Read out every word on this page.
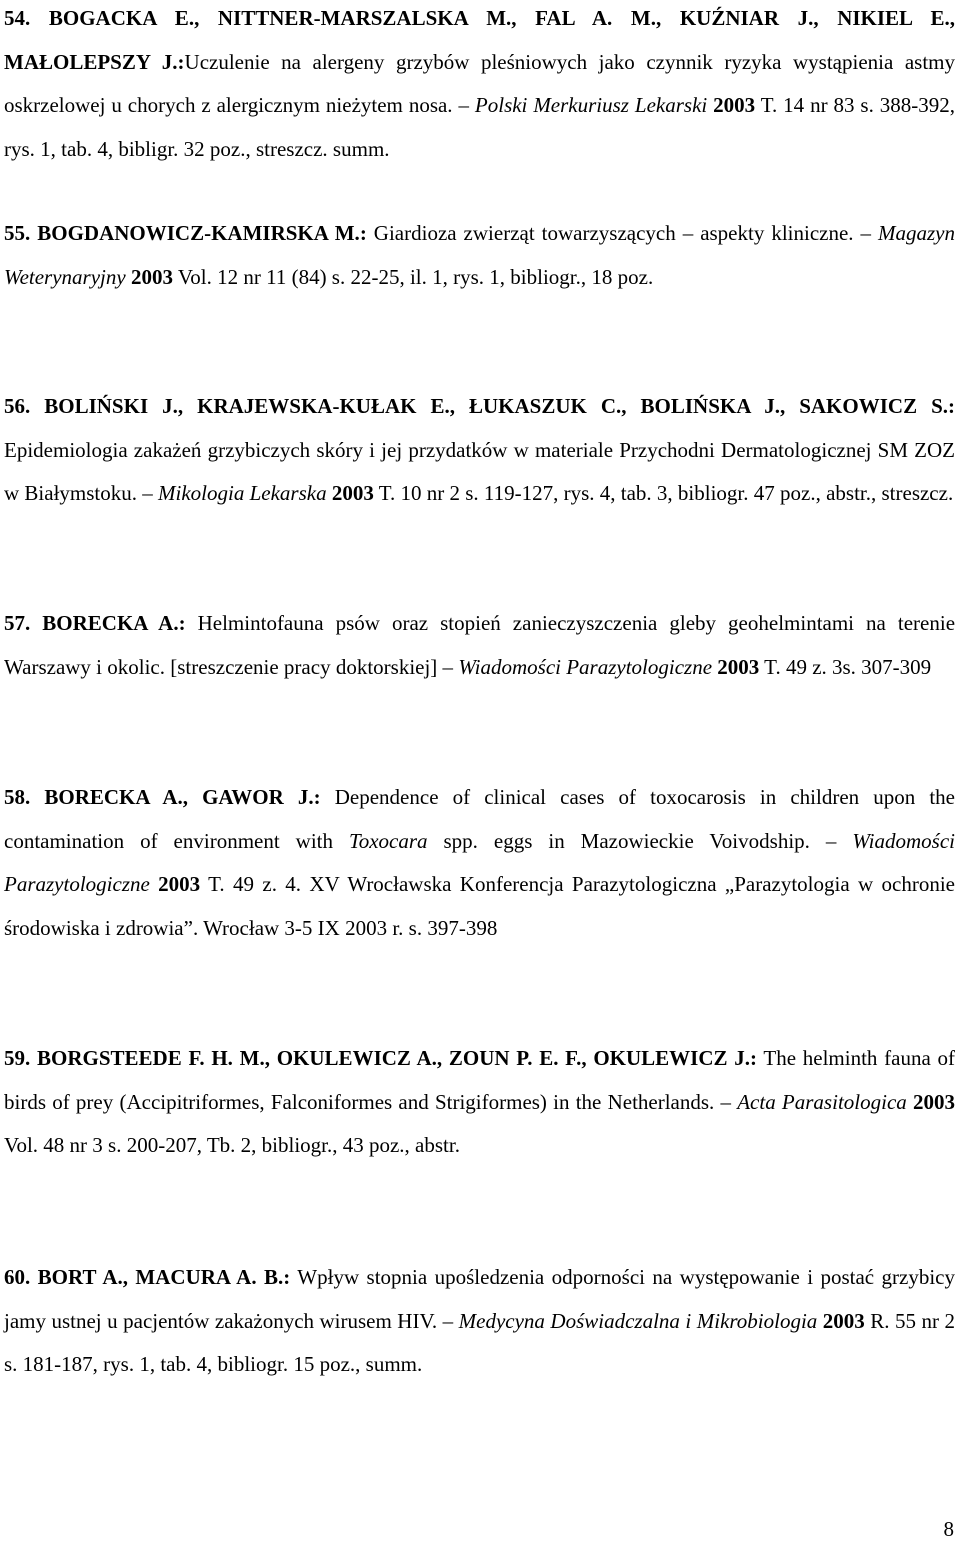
54. BOGACKA E., NITTNER-MARSZALSKA M., FAL A. M., KUŹNIAR J., NIKIEL E., MAŁOLEPSZY J.:Uczulenie na alergeny grzybów pleśniowych jako czynnik ryzyka wystąpienia astmy oskrzelowej u chorych z alergicznym nieżytem nosa. – Polski Merkuriusz Lekarski 2003 T. 14 nr 83 s. 388-392, rys. 1, tab. 4, bibligr. 32 poz., streszcz. summ.

55. BOGDANOWICZ-KAMIRSKA M.: Giardioza zwierząt towarzyszących – aspekty kliniczne. – Magazyn Weterynaryjny 2003 Vol. 12 nr 11 (84) s. 22-25, il. 1, rys. 1, bibliogr., 18 poz.

56. BOLIŃSKI J., KRAJEWSKA-KUŁAK E., ŁUKASZUK C., BOLIŃSKA J., SAKOWICZ S.: Epidemiologia zakażeń grzybiczych skóry i jej przydatków w materiale Przychodni Dermatologicznej SM ZOZ w Białymstoku. – Mikologia Lekarska 2003 T. 10 nr 2 s. 119-127, rys. 4, tab. 3, bibliogr. 47 poz., abstr., streszcz.

57. BORECKA A.: Helmintofauna psów oraz stopień zanieczyszczenia gleby geohelmintami na terenie Warszawy i okolic. [streszczenie pracy doktorskiej] – Wiadomości Parazytologiczne 2003 T. 49 z. 3s. 307-309

58. BORECKA A., GAWOR J.: Dependence of clinical cases of toxocarosis in children upon the contamination of environment with Toxocara spp. eggs in Mazowieckie Voivodship. – Wiadomości Parazytologiczne 2003 T. 49 z. 4. XV Wrocławska Konferencja Parazytologiczna „Parazytologia w ochronie środowiska i zdrowia”. Wrocław 3-5 IX 2003 r. s. 397-398

59. BORGSTEEDE F. H. M., OKULEWICZ A., ZOUN P. E. F., OKULEWICZ J.: The helminth fauna of birds of prey (Accipitriformes, Falconiformes and Strigiformes) in the Netherlands. – Acta Parasitologica 2003 Vol. 48 nr 3 s. 200-207, Tb. 2, bibliogr., 43 poz., abstr.

60. BORT A., MACURA A. B.: Wpływ stopnia upośledzenia odporności na występowanie i postać grzybicy jamy ustnej u pacjentów zakażonych wirusem HIV. – Medycyna Doświadczalna i Mikrobiologia 2003 R. 55 nr 2 s. 181-187, rys. 1, tab. 4, bibliogr. 15 poz., summ.

8
